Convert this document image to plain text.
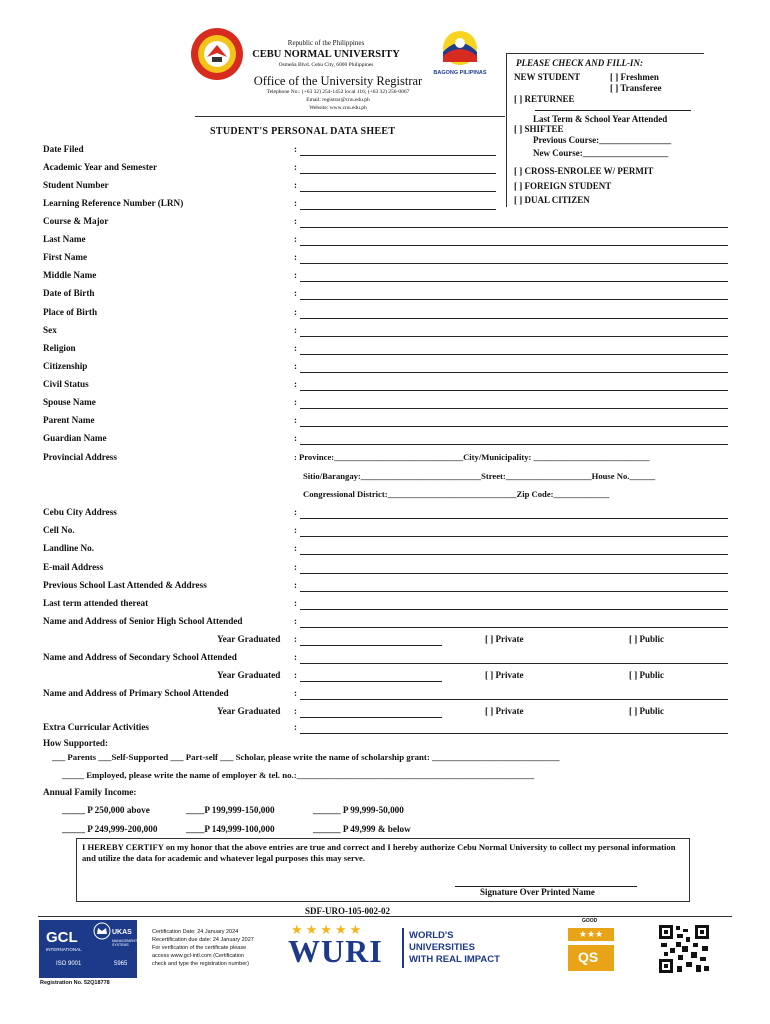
Republic of the Philippines
CEBU NORMAL UNIVERSITY
Osmeña Blvd. Cebu City, 6000 Philippines
BAGONG PILIPINAS
Office of the University Registrar
Telephone No.: (+63 32) 254-1452 local 116; (+63 32) 256-0067
Email: registrar@cnu.edu.ph
Website: www.cnu.edu.ph
STUDENT'S PERSONAL DATA SHEET
PLEASE CHECK AND FILL-IN:
NEW STUDENT	[ ] Freshmen
[ ] Transferee
[ ] RETURNEE
Last Term & School Year Attended
[ ] SHIFTEE
Previous Course:________________
New Course:___________________
[ ] CROSS-ENROLEE W/ PERMIT
[ ] FOREIGN STUDENT
[ ] DUAL CITIZEN
Date Filed	:
Academic Year and Semester	:
Student Number	:
Learning Reference Number (LRN)	:
Course & Major	:
Last Name	:
First Name	:
Middle Name	:
Date of Birth	:
Place of Birth	:
Sex	:
Religion	:
Citizenship	:
Civil Status	:
Spouse Name	:
Parent Name	:
Guardian Name	:
Provincial Address	: Province:______________________________City/Municipality: ___________________________
Sitio/Barangay:____________________________Street:____________________House No.______
Congressional District:______________________________Zip Code:_____________
Cebu City Address	:
Cell No.	:
Landline No.	:
E-mail Address	:
Previous School Last Attended & Address	:
Last term attended thereat	:
Name and Address of Senior High School Attended	:
Year Graduated :	[ ] Private	[ ] Public
Name and Address of Secondary School Attended	:
Year Graduated :	[ ] Private	[ ] Public
Name and Address of Primary School Attended	:
Year Graduated :	[ ] Private	[ ] Public
Extra Curricular Activities	:
How Supported:
___ Parents ___Self-Supported ___ Part-self ___ Scholar, please write the name of scholarship grant: _____________________________
_____ Employed, please write the name of employer & tel. no.:______________________________________________________
Annual Family Income:
_____ P 250,000 above	____P 199,999-150,000	______ P 99,999-50,000
_____ P 249,999-200,000	____P 149,999-100,000	______ P 49,999 & below
I HEREBY CERTIFY on my honor that the above entries are true and correct and I hereby authorize Cebu Normal University to collect my personal information and utilize the data for academic and whatever legal purposes this may serve.
Signature Over Printed Name
SDF-URO-105-002-02
GCL
INTERNATIONAL
UKAS
MANAGEMENT SYSTEMS
ISO 9001	5965
Registration No. 52Q18778
Certification Date: 24 January 2024
Recertification due date: 24 January 2027
For verification of the certificate please
access www.gcl-intl.com (Certification
check and type the registration number)
★★★★★
WURI	WORLD'S
UNIVERSITIES
WITH REAL IMPACT
GOOD
★★★
QS
